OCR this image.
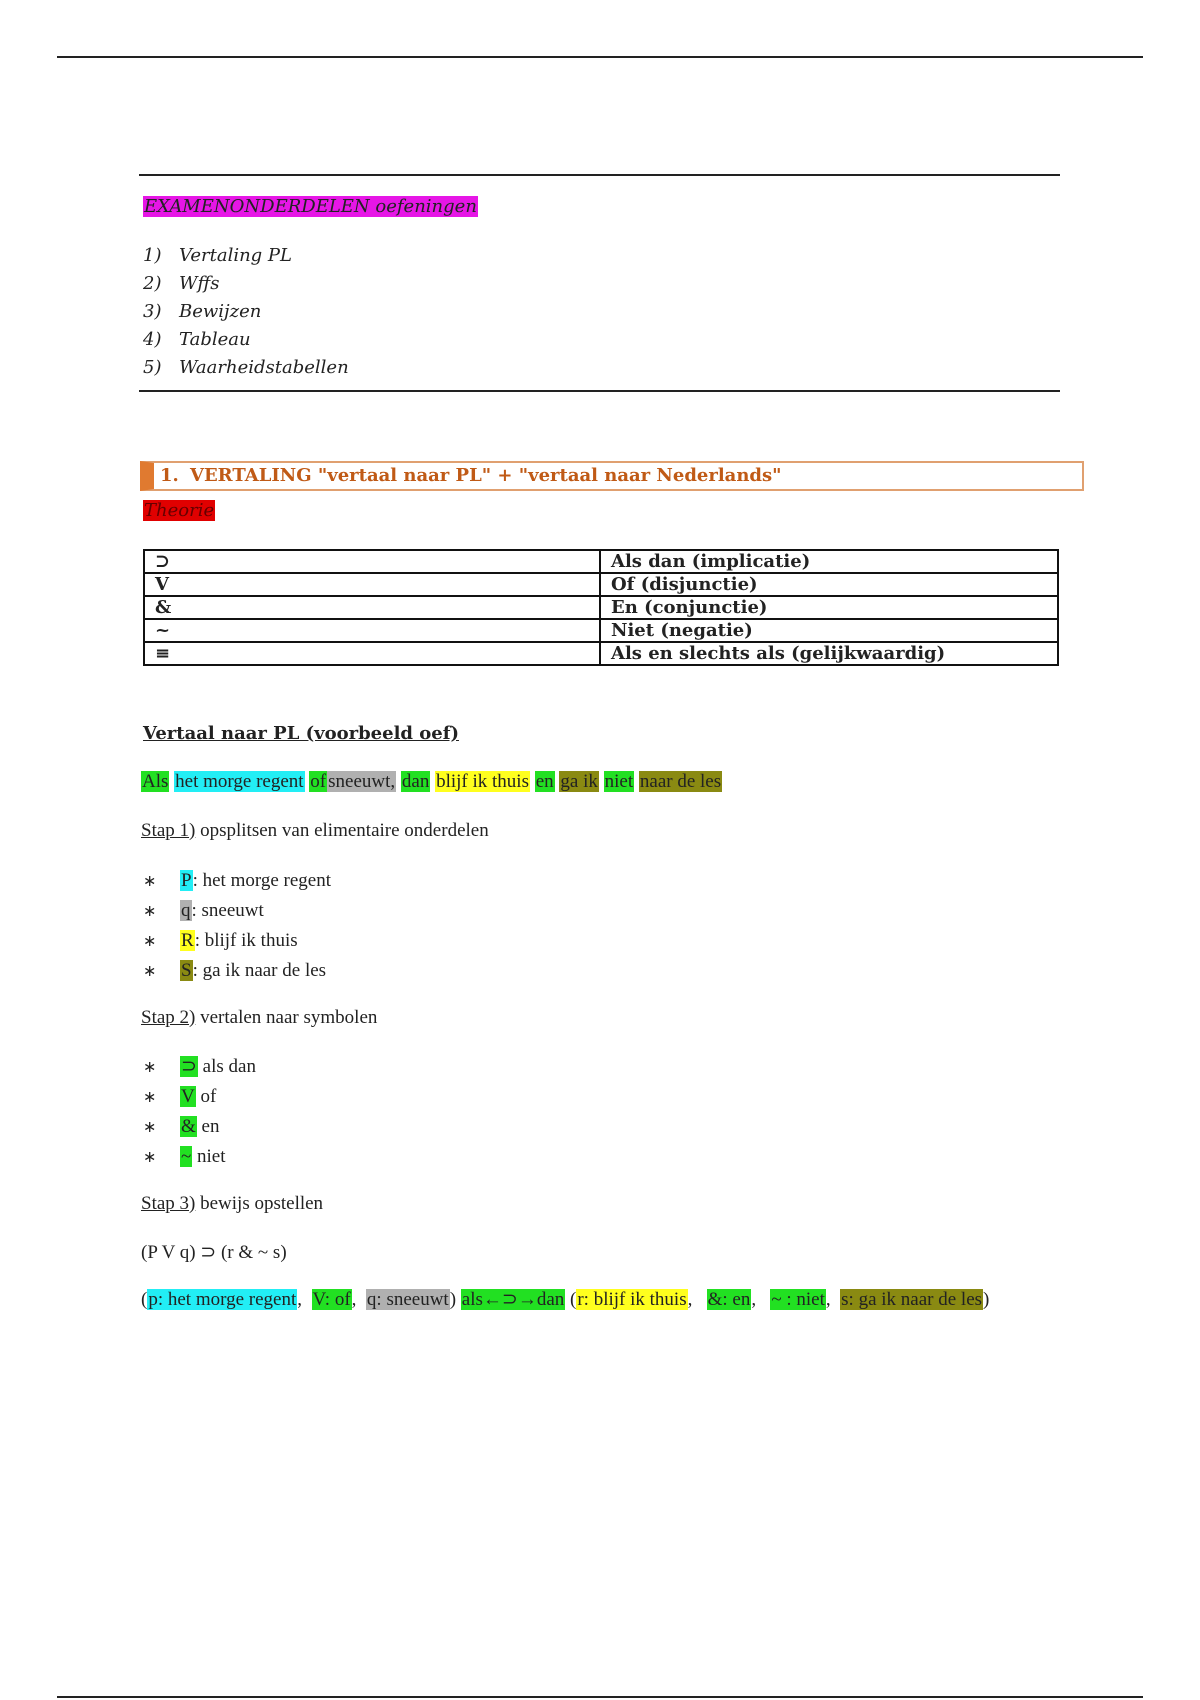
EXAMENONDERDELEN oefeningen
1) Vertaling PL
2) Wffs
3) Bewijzen
4) Tableau
5) Waarheidstabellen
1. VERTALING "vertaal naar PL" + "vertaal naar Nederlands"
Theorie
⊃	Als dan (implicatie)
V	Of (disjunctie)
&	En (conjunctie)
~	Niet (negatie)
≡	Als en slechts als (gelijkwaardig)
Vertaal naar PL (voorbeeld oef)
Als het morge regent of sneeuwt, dan blijf ik thuis en ga ik niet naar de les
Stap 1) opsplitsen van elimentaire onderdelen
∗ P: het morge regent
∗ q: sneeuwt
∗ R: blijf ik thuis
∗ S: ga ik naar de les
Stap 2) vertalen naar symbolen
∗ ⊃ als dan
∗ V of
∗ & en
∗ ~ niet
Stap 3) bewijs opstellen
(P V q) ⊃ (r & ~ s)
(p: het morge regent,  V: of,  q: sneeuwt) als←⊃→dan (r: blijf ik thuis,   &: en,   ~ : niet,  s: ga ik naar de les)
